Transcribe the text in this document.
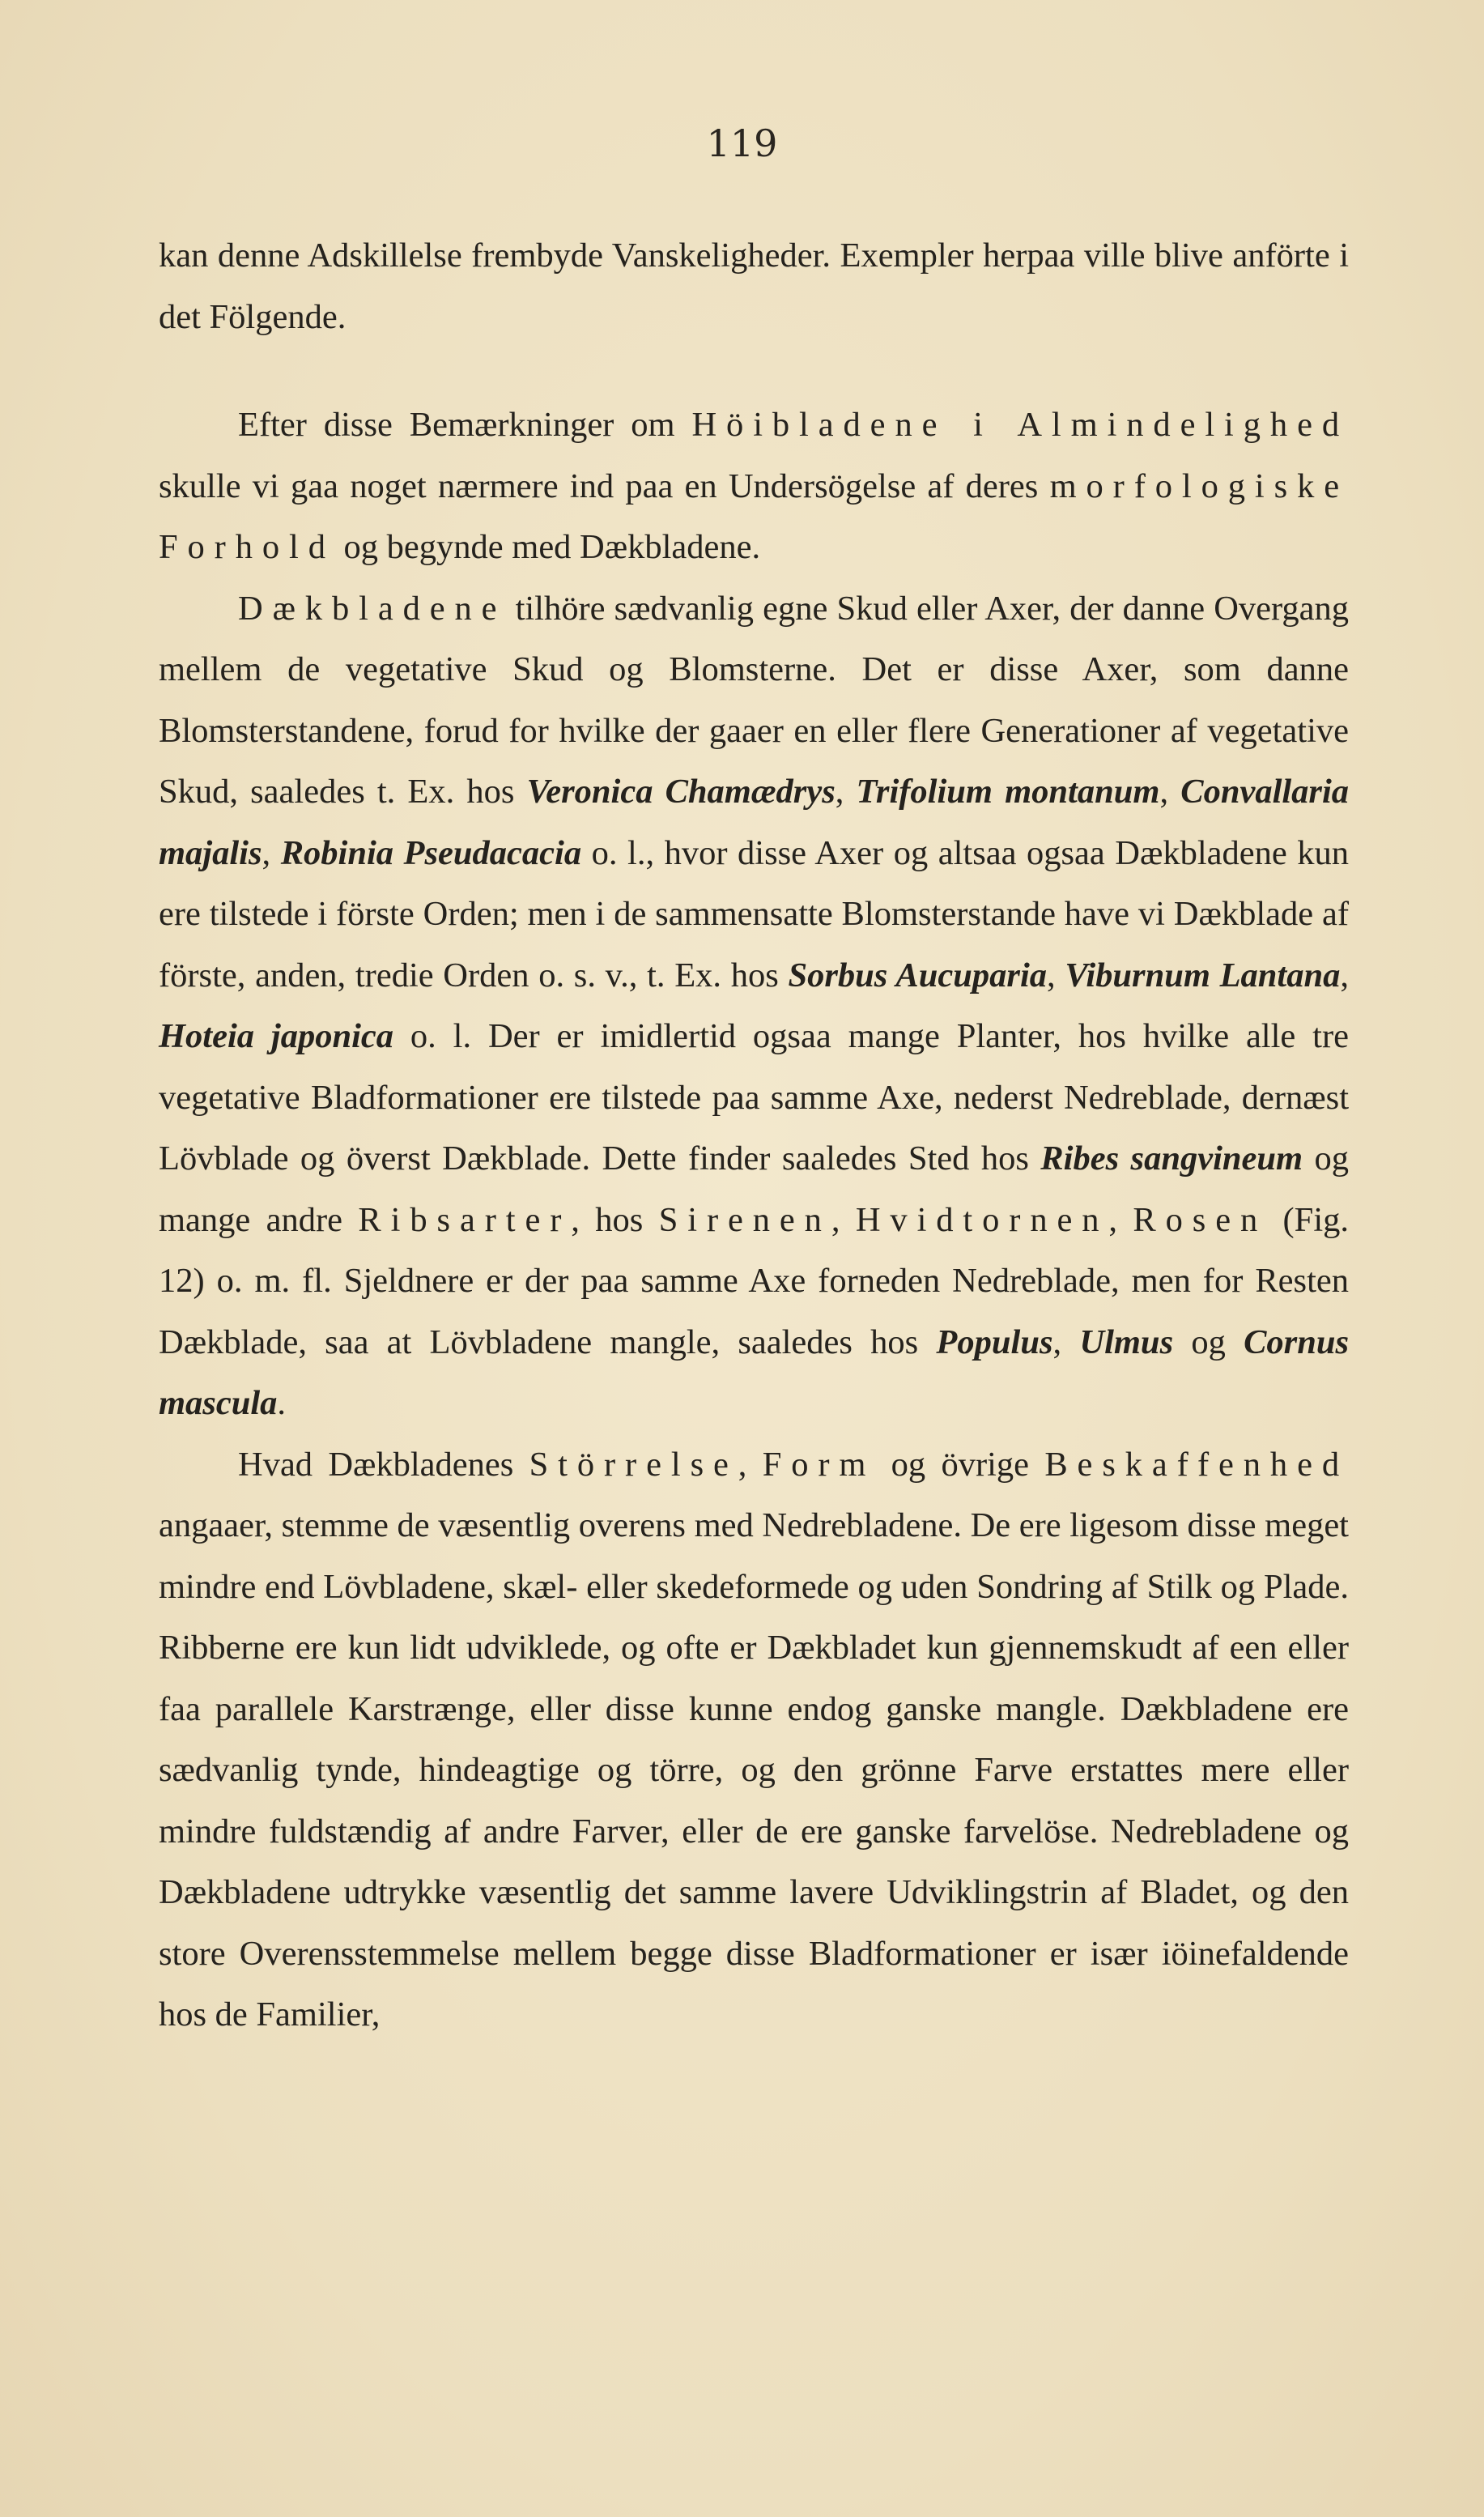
119

kan denne Adskillelse frembyde Vanskeligheder. Exempler herpaa ville blive anförte i det Fölgende.

Efter disse Bemærkninger om Höibladene i Almindelighed skulle vi gaa noget nærmere ind paa en Undersögelse af deres morfologiske Forhold og begynde med Dækbladene.

Dækbladene tilhöre sædvanlig egne Skud eller Axer, der danne Overgang mellem de vegetative Skud og Blomsterne. Det er disse Axer, som danne Blomsterstandene, forud for hvilke der gaaer en eller flere Generationer af vegetative Skud, saaledes t. Ex. hos Veronica Chamædrys, Trifolium montanum, Convallaria majalis, Robinia Pseudacacia o. l., hvor disse Axer og altsaa ogsaa Dækbladene kun ere tilstede i förste Orden; men i de sammensatte Blomsterstande have vi Dækblade af förste, anden, tredie Orden o. s. v., t. Ex. hos Sorbus Aucuparia, Viburnum Lantana, Hoteia japonica o. l. Der er imidlertid ogsaa mange Planter, hos hvilke alle tre vegetative Bladformationer ere tilstede paa samme Axe, nederst Nedreblade, dernæst Lövblade og överst Dækblade. Dette finder saaledes Sted hos Ribes sangvineum og mange andre Ribsarter, hos Sirenen, Hvidtornen, Rosen (Fig. 12) o. m. fl. Sjeldnere er der paa samme Axe forneden Nedreblade, men for Resten Dækblade, saa at Lövbladene mangle, saaledes hos Populus, Ulmus og Cornus mascula.

Hvad Dækbladenes Störrelse, Form og övrige Beskaffenhed angaaer, stemme de væsentlig overens med Nedrebladene. De ere ligesom disse meget mindre end Lövbladene, skæl- eller skedeformede og uden Sondring af Stilk og Plade. Ribberne ere kun lidt udviklede, og ofte er Dækbladet kun gjennemskudt af een eller faa parallele Karstrænge, eller disse kunne endog ganske mangle. Dækbladene ere sædvanlig tynde, hindeagtige og törre, og den grönne Farve erstattes mere eller mindre fuldstændig af andre Farver, eller de ere ganske farvelöse. Nedrebladene og Dækbladene udtrykke væsentlig det samme lavere Udviklingstrin af Bladet, og den store Overensstemmelse mellem begge disse Bladformationer er især iöinefaldende hos de Familier,
